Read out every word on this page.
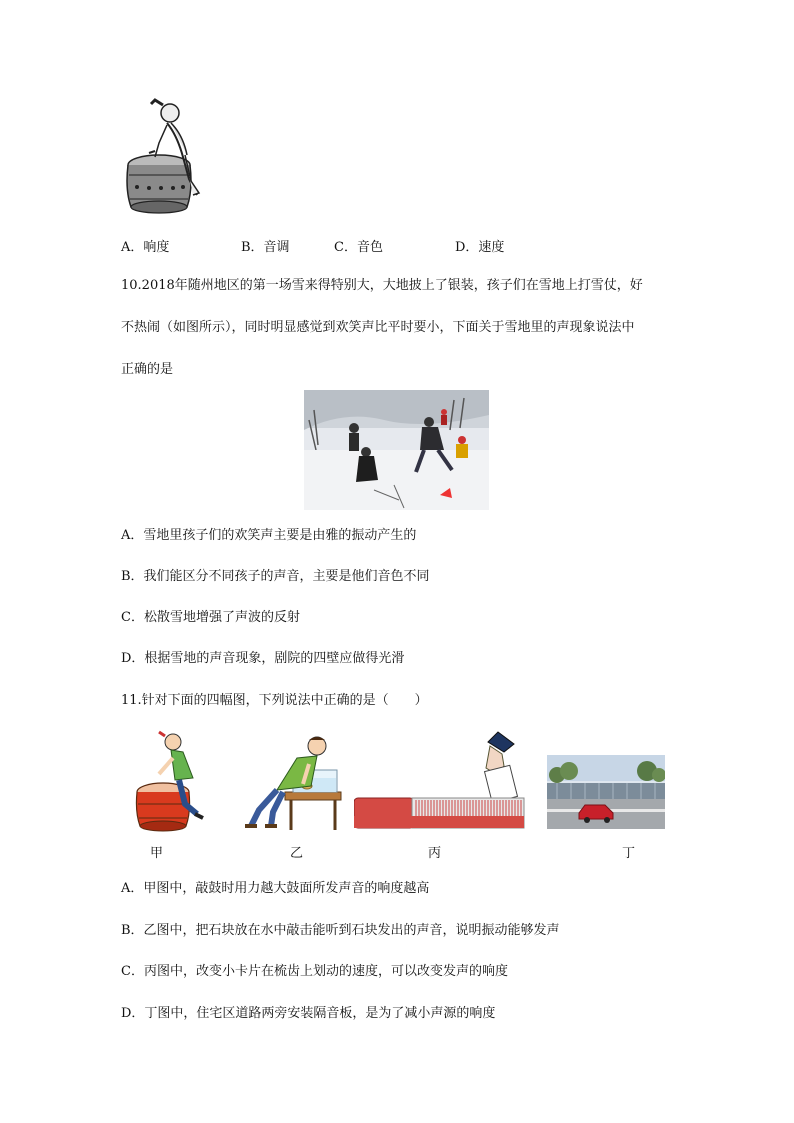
A．响度	B．音调	C．音色	D．速度
10.2018年随州地区的第一场雪来得特别大，大地披上了银装，孩子们在雪地上打雪仗，好
不热闹（如图所示），同时明显感觉到欢笑声比平时要小，下面关于雪地里的声现象说法中
正确的是
A．雪地里孩子们的欢笑声主要是由雅的振动产生的
B．我们能区分不同孩子的声音，主要是他们音色不同
C．松散雪地增强了声波的反射
D．根据雪地的声音现象，剧院的四壁应做得光滑
11.针对下面的四幅图，下列说法中正确的是（　　）
甲	乙	丙	丁
A．甲图中，敲鼓时用力越大鼓面所发声音的响度越高
B．乙图中，把石块放在水中敲击能听到石块发出的声音，说明振动能够发声
C．丙图中，改变小卡片在梳齿上划动的速度，可以改变发声的响度
D．丁图中，住宅区道路两旁安装隔音板，是为了减小声源的响度
